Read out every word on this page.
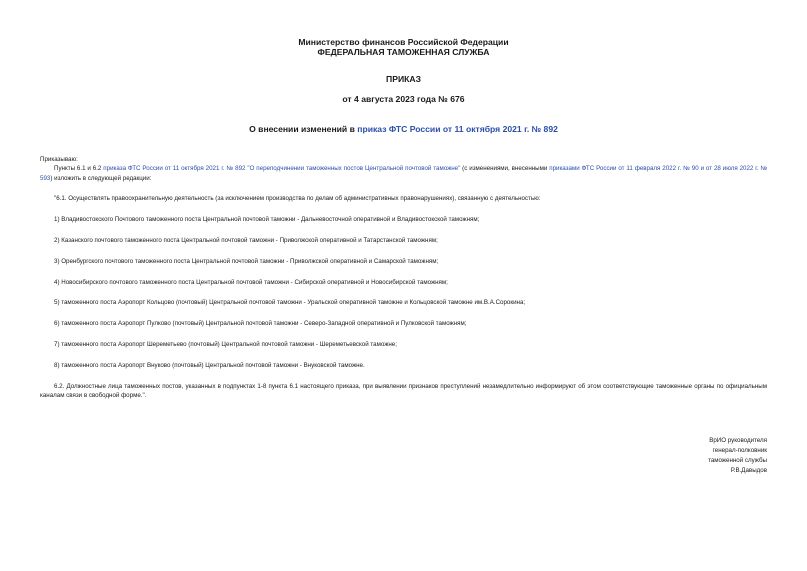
Министерство финансов Российской Федерации
ФЕДЕРАЛЬНАЯ ТАМОЖЕННАЯ СЛУЖБА
ПРИКАЗ
от 4 августа 2023 года № 676
О внесении изменений в приказ ФТС России от 11 октября 2021 г. № 892

Приказываю:

Пункты 6.1 и 6.2 приказа ФТС России от 11 октября 2021 г. № 892 "О переподчинении таможенных постов Центральной почтовой таможне" (с изменениями, внесенными приказами ФТС России от 11 февраля 2022 г. № 90 и от 28 июля 2022 г. № 593) изложить в следующей редакции:

"6.1. Осуществлять правоохранительную деятельность (за исключением производства по делам об административных правонарушениях), связанную с деятельностью:

1) Владивостокского Почтового таможенного поста Центральной почтовой таможни - Дальневосточной оперативной и Владивостокской таможням;

2) Казанского почтового таможенного поста Центральной почтовой таможни - Приволжской оперативной и Татарстанской таможням;

3) Оренбургского почтового таможенного поста Центральной почтовой таможни - Приволжской оперативной и Самарской таможням;

4) Новосибирского почтового таможенного поста Центральной почтовой таможни - Сибирской оперативной и Новосибирской таможням;

5) таможенного поста Аэропорт Кольцово (почтовый) Центральной почтовой таможни - Уральской оперативной таможне и Кольцовской таможне им.В.А.Сорокина;

6) таможенного поста Аэропорт Пулково (почтовый) Центральной почтовой таможни - Северо-Западной оперативной и Пулковской таможням;

7) таможенного поста Аэропорт Шереметьево (почтовый) Центральной почтовой таможни - Шереметьевской таможне;

8) таможенного поста Аэропорт Внуково (почтовый) Центральной почтовой таможни - Внуковской таможне.

6.2. Должностные лица таможенных постов, указанных в подпунктах 1-8 пункта 6.1 настоящего приказа, при выявлении признаков преступлений незамедлительно информируют об этом соответствующие таможенные органы по официальным каналам связи в свободной форме.".

ВрИО руководителя
генерал-полковник
таможенной службы
Р.В.Давыдов
